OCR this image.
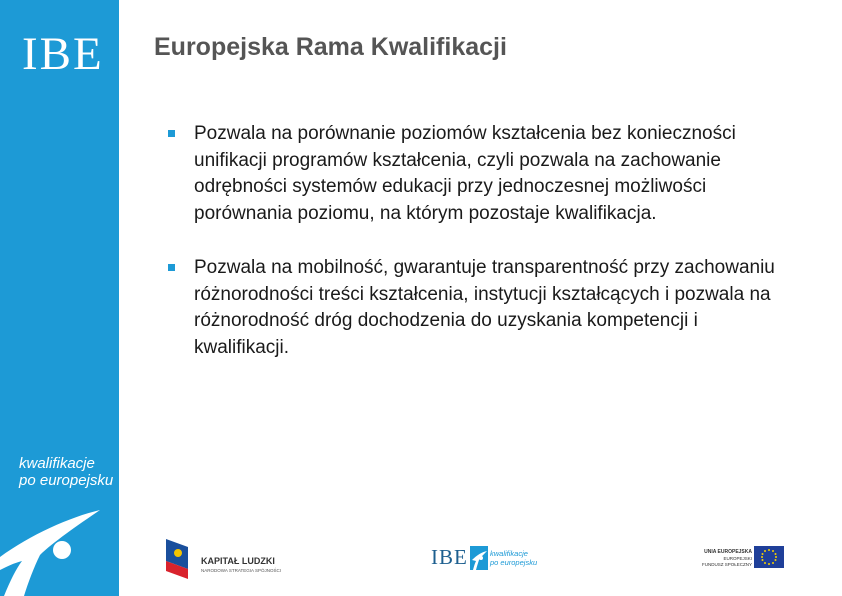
IBE
kwalifikacje
po europejsku
Europejska Rama Kwalifikacji
Pozwala na porównanie poziomów kształcenia bez konieczności unifikacji programów kształcenia, czyli pozwala na zachowanie odrębności systemów edukacji przy jednoczesnej możliwości porównania poziomu, na którym pozostaje kwalifikacja.
Pozwala na mobilność, gwarantuje transparentność przy zachowaniu różnorodności treści kształcenia, instytucji kształcących i pozwala na różnorodność dróg dochodzenia do uzyskania kompetencji i kwalifikacji.
KAPITAŁ LUDZKI
NARODOWA STRATEGIA SPÓJNOŚCI
IBE	kwalifikacje
po europejsku
UNIA EUROPEJSKA
EUROPEJSKI
FUNDUSZ SPOŁECZNY
